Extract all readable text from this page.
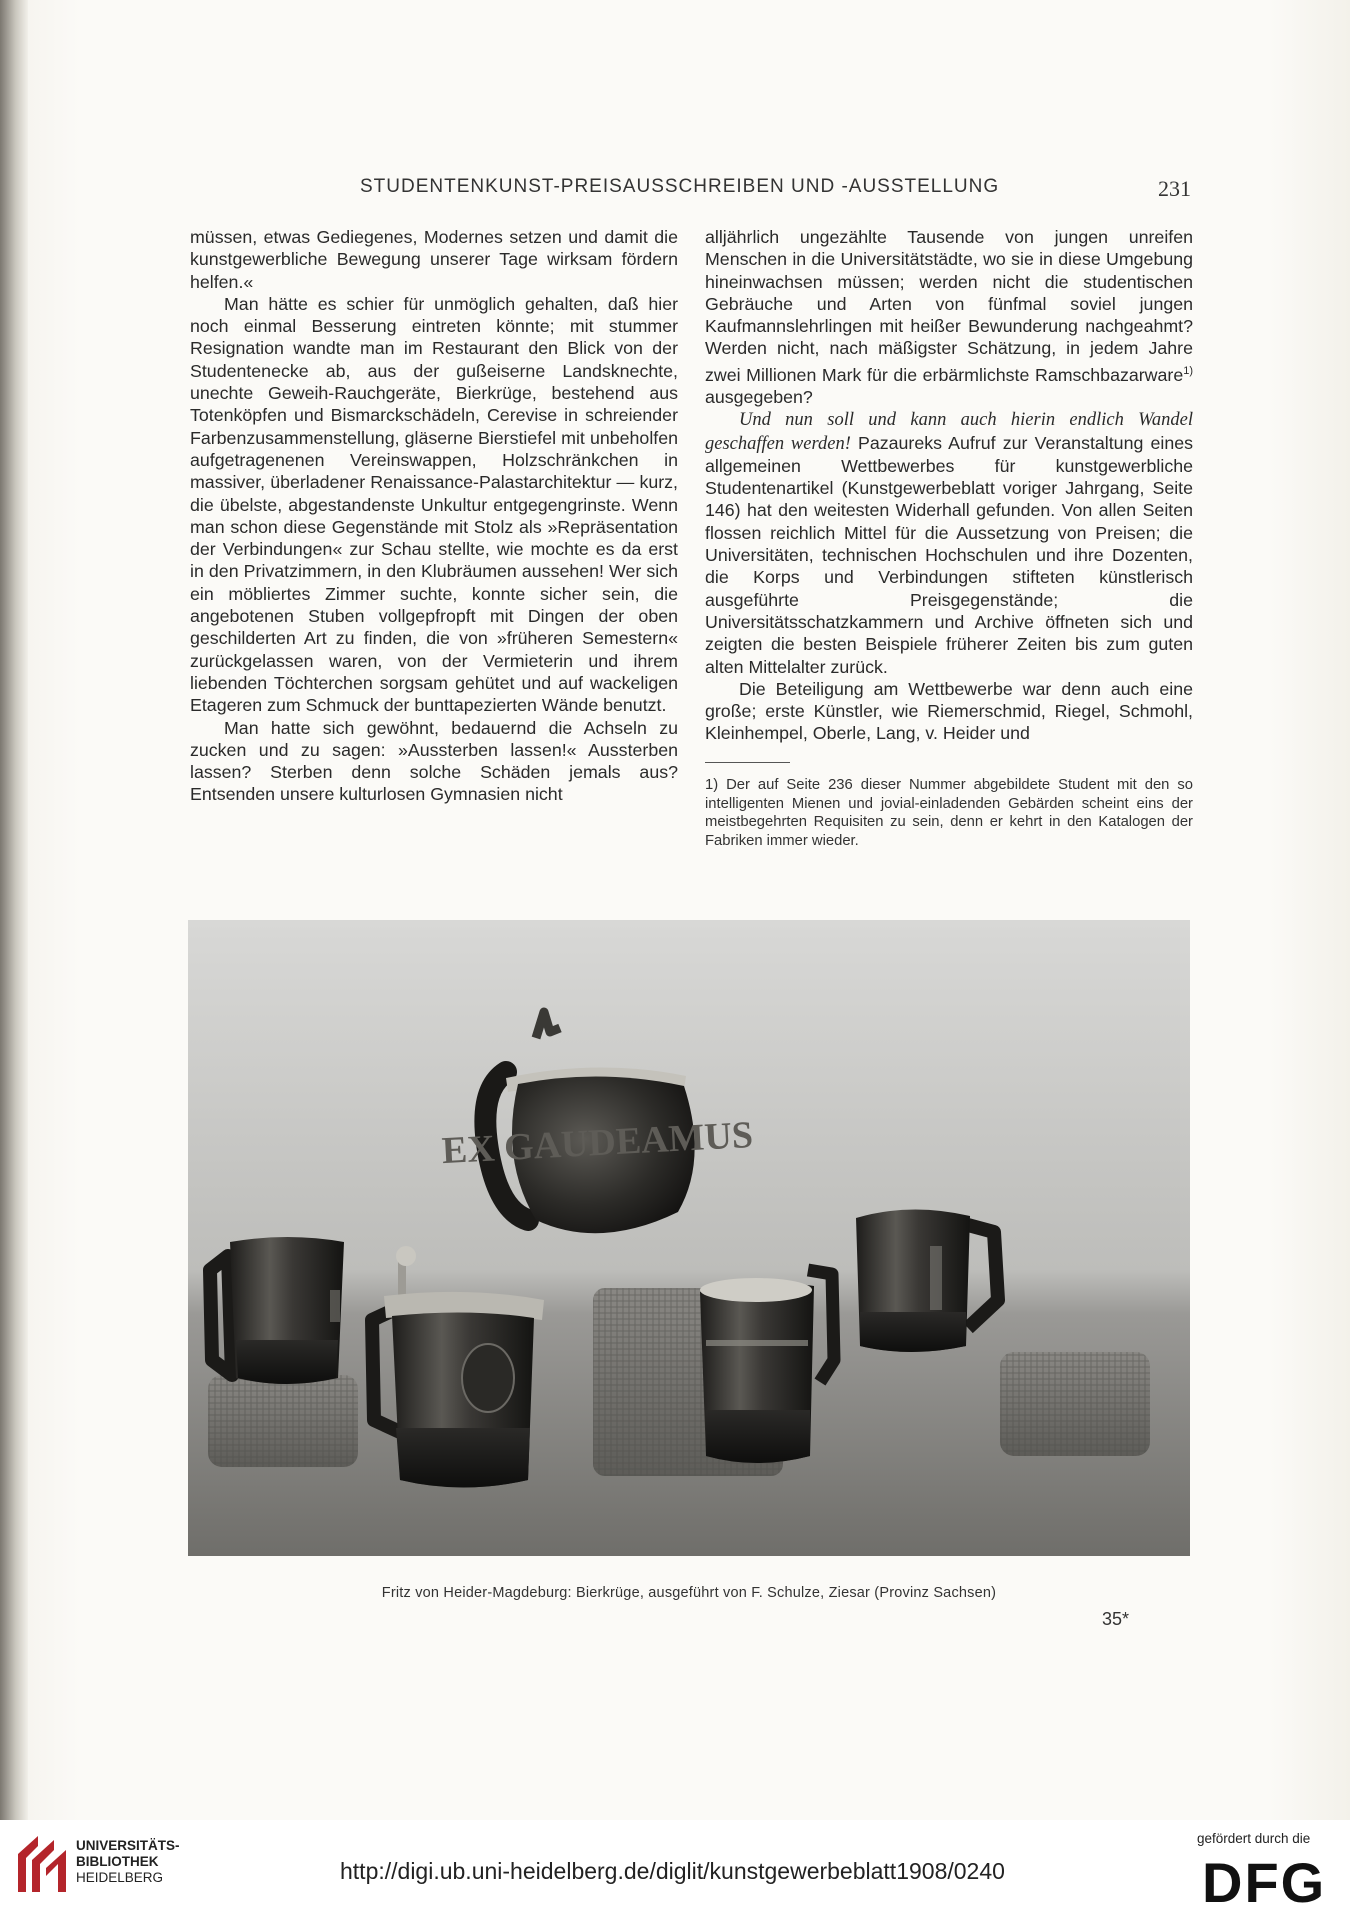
STUDENTENKUNST-PREISAUSSCHREIBEN UND -AUSSTELLUNG	231

müssen, etwas Gediegenes, Modernes setzen und damit die kunstgewerbliche Bewegung unserer Tage wirksam fördern helfen.«

Man hätte es schier für unmöglich gehalten, daß hier noch einmal Besserung eintreten könnte; mit stummer Resignation wandte man im Restaurant den Blick von der Studentenecke ab, aus der gußeiserne Landsknechte, unechte Geweih-Rauchgeräte, Bierkrüge, bestehend aus Totenköpfen und Bismarckschädeln, Cerevise in schreiender Farbenzusammenstellung, gläserne Bierstiefel mit unbeholfen aufgetragenenen Vereinswappen, Holzschränkchen in massiver, überladener Renaissance-Palastarchitektur — kurz, die übelste, abgestandenste Unkultur entgegengrinste. Wenn man schon diese Gegenstände mit Stolz als »Repräsentation der Verbindungen« zur Schau stellte, wie mochte es da erst in den Privatzimmern, in den Klubräumen aussehen! Wer sich ein möbliertes Zimmer suchte, konnte sicher sein, die angebotenen Stuben vollgepfropft mit Dingen der oben geschilderten Art zu finden, die von »früheren Semestern« zurückgelassen waren, von der Vermieterin und ihrem liebenden Töchterchen sorgsam gehütet und auf wackeligen Etageren zum Schmuck der bunttapezierten Wände benutzt.

Man hatte sich gewöhnt, bedauernd die Achseln zu zucken und zu sagen: »Aussterben lassen!« Aussterben lassen? Sterben denn solche Schäden jemals aus? Entsenden unsere kulturlosen Gymnasien nicht

alljährlich ungezählte Tausende von jungen unreifen Menschen in die Universitätstädte, wo sie in diese Umgebung hineinwachsen müssen; werden nicht die studentischen Gebräuche und Arten von fünfmal soviel jungen Kaufmannslehrlingen mit heißer Bewunderung nachgeahmt? Werden nicht, nach mäßigster Schätzung, in jedem Jahre zwei Millionen Mark für die erbärmlichste Ramschbazarware$^{1)}$ ausgegeben?

Und nun soll und kann auch hierin endlich Wandel geschaffen werden! Pazaureks Aufruf zur Veranstaltung eines allgemeinen Wettbewerbes für kunstgewerbliche Studentenartikel (Kunstgewerbeblatt voriger Jahrgang, Seite 146) hat den weitesten Widerhall gefunden. Von allen Seiten flossen reichlich Mittel für die Aussetzung von Preisen; die Universitäten, technischen Hochschulen und ihre Dozenten, die Korps und Verbindungen stifteten künstlerisch ausgeführte Preisgegenstände; die Universitätsschatzkammern und Archive öffneten sich und zeigten die besten Beispiele früherer Zeiten bis zum guten alten Mittelalter zurück.

Die Beteiligung am Wettbewerbe war denn auch eine große; erste Künstler, wie Riemerschmid, Riegel, Schmohl, Kleinhempel, Oberle, Lang, v. Heider und

1) Der auf Seite 236 dieser Nummer abgebildete Student mit den so intelligenten Mienen und jovial-einladenden Gebärden scheint eins der meistbegehrten Requisiten zu sein, denn er kehrt in den Katalogen der Fabriken immer wieder.
EX GAUDEAMUS
Fritz von Heider-Magdeburg: Bierkrüge, ausgeführt von F. Schulze, Ziesar (Provinz Sachsen)
35*
UNIVERSITÄTS-
BIBLIOTHEK
HEIDELBERG	http://digi.ub.uni-heidelberg.de/diglit/kunstgewerbeblatt1908/0240
gefördert durch die
DFG
